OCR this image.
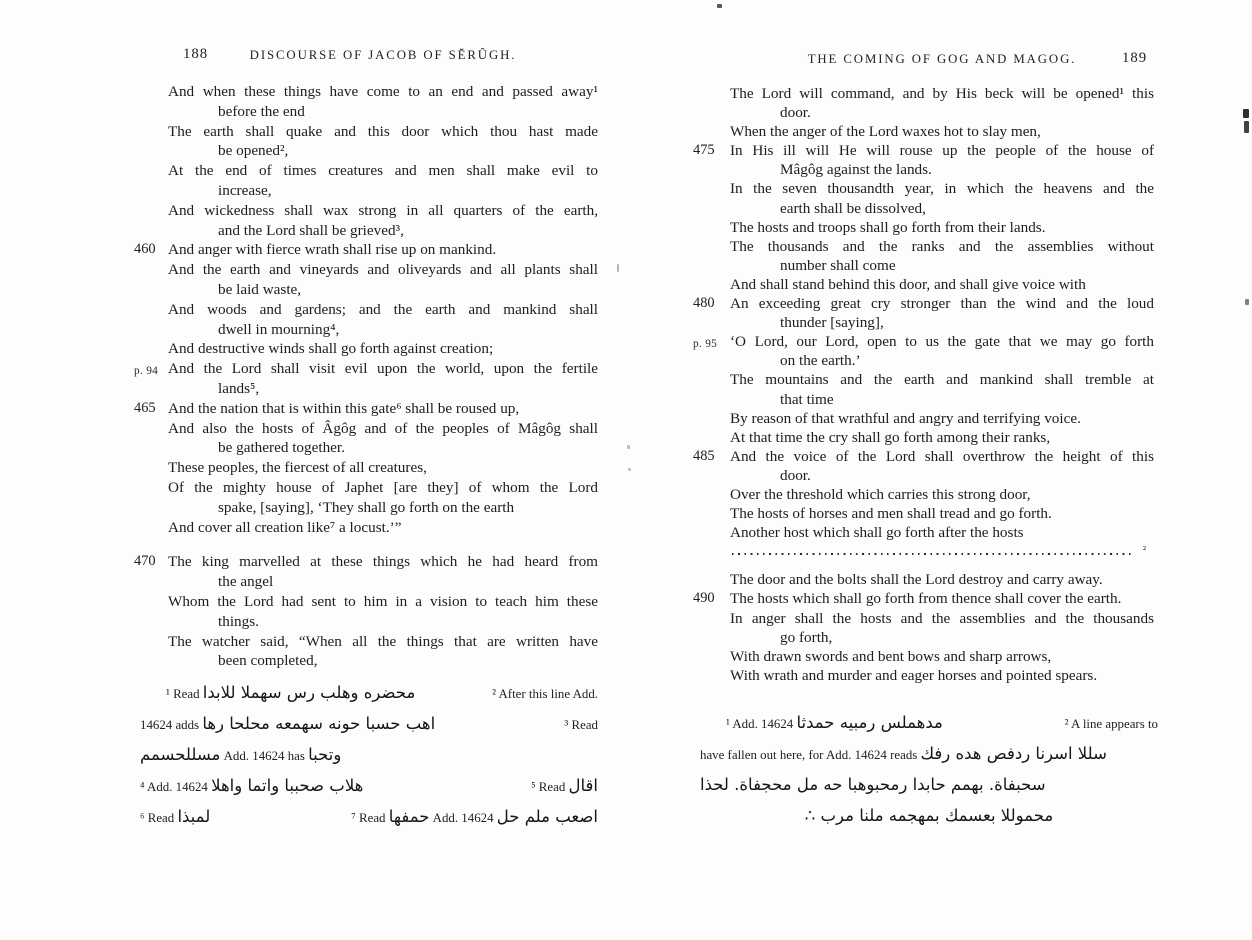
188	DISCOURSE OF JACOB OF SĔRÛGH.	THE COMING OF GOG AND MAGOG.	189
And when these things have come to an end and passed away¹
before the end
The earth shall quake and this door which thou hast made
be opened²,
At the end of times creatures and men shall make evil to
increase,
And wickedness shall wax strong in all quarters of the earth,
and the Lord shall be grieved³,
460 And anger with fierce wrath shall rise up on mankind.
And the earth and vineyards and oliveyards and all plants shall
be laid waste,
And woods and gardens; and the earth and mankind shall
dwell in mourning⁴,
And destructive winds shall go forth against creation;
p. 94 And the Lord shall visit evil upon the world, upon the fertile
lands⁵,
465 And the nation that is within this gate⁶ shall be roused up,
And also the hosts of Âgôg and of the peoples of Mâgôg shall
be gathered together.
These peoples, the fiercest of all creatures,
Of the mighty house of Japhet [are they] of whom the Lord
spake, [saying], ‘They shall go forth on the earth
And cover all creation like⁷ a locust.’”
470 The king marvelled at these things which he had heard from
the angel
Whom the Lord had sent to him in a vision to teach him these
things.
The watcher said, “When all the things that are written have
been completed,
The Lord will command, and by His beck will be opened¹ this
door.
When the anger of the Lord waxes hot to slay men,
475 In His ill will He will rouse up the people of the house of
Mâgôg against the lands.
In the seven thousandth year, in which the heavens and the
earth shall be dissolved,
The hosts and troops shall go forth from their lands.
The thousands and the ranks and the assemblies without
number shall come
And shall stand behind this door, and shall give voice with
480 An exceeding great cry stronger than the wind and the loud
thunder [saying],
p. 95 ‘O Lord, our Lord, open to us the gate that we may go forth
on the earth.’
The mountains and the earth and mankind shall tremble at
that time
By reason of that wrathful and angry and terrifying voice.
At that time the cry shall go forth among their ranks,
485 And the voice of the Lord shall overthrow the height of this
door.
Over the threshold which carries this strong door,
The hosts of horses and men shall tread and go forth.
Another host which shall go forth after the hosts
²
The door and the bolts shall the Lord destroy and carry away.
490 The hosts which shall go forth from thence shall cover the earth.
In anger shall the hosts and the assemblies and the thousands
go forth,
With drawn swords and bent bows and sharp arrows,
With wrath and murder and eager horses and pointed spears.
¹ Read محضره وهلب رس سهملا للابدا	² After this line Add.
14624 adds اهب حسبا حونه سهمعه محلحا رها	³ Read
مسللحسمم Add. 14624 has وتحبا
⁴ Add. 14624 هلاب صحببا واتما واهلا	⁵ Read اقال
⁶ Read لمبذا	⁷ Read حمفها Add. 14624 اصعب ملم حل
¹ Add. 14624 مدهملس رمبيه حمدثا	² A line appears to
have fallen out here, for Add. 14624 reads سللا اسرنا ردفص هده رفك
سحبفاة. بهمم حابدا رمحبوهبا حه مل محجفاة. لحذا
محموللا بعسمك بمهجمه ملنا مرب ∴
